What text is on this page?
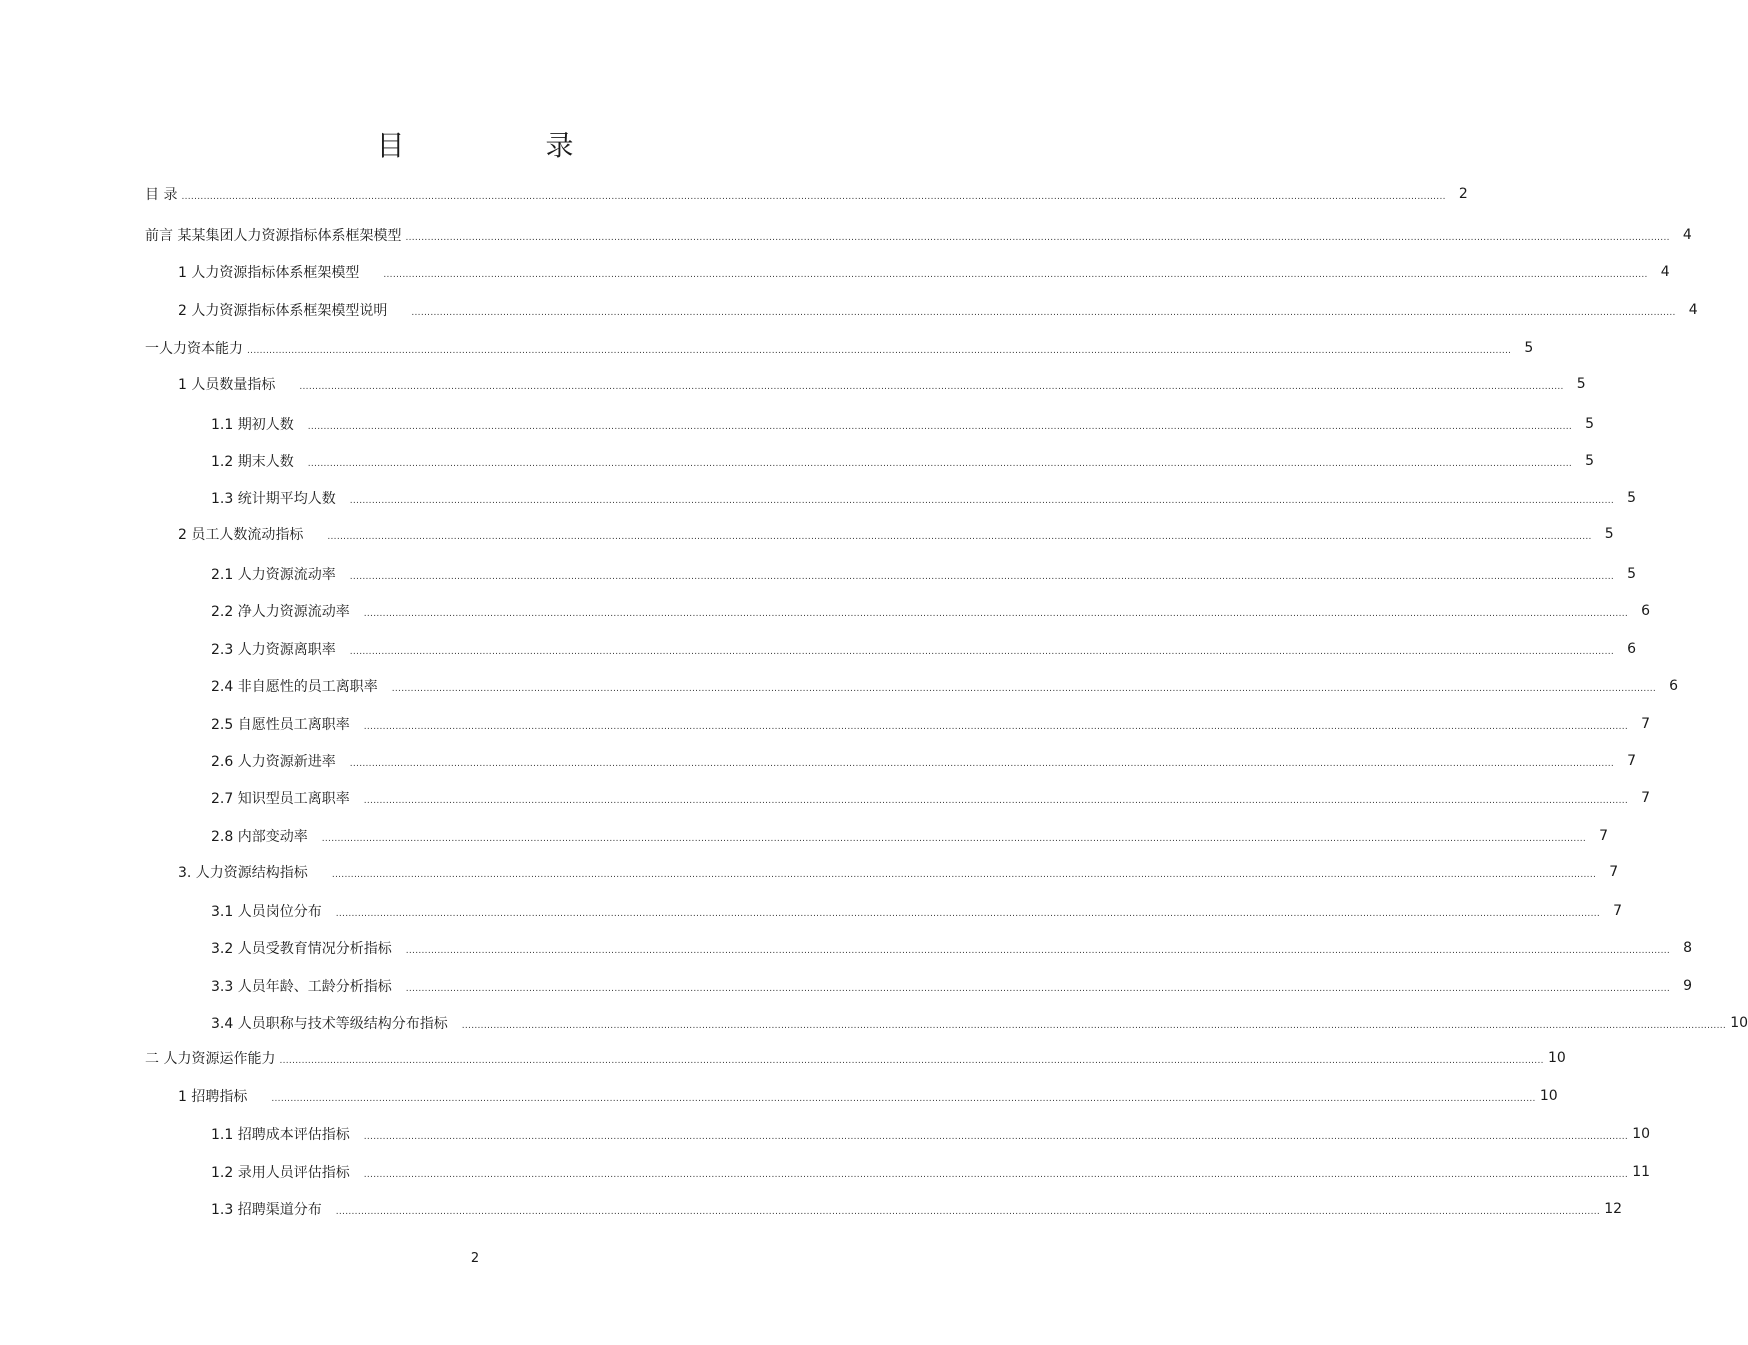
目 录
目 录 ................................................................................................................................................................................................................................................................................................................................................................................................................ 2
前言 某某集团人力资源指标体系框架模型 ................................................................................................................................................................................................................................................................................................................................................................................................................ 4
1 人力资源指标体系框架模型	................................................................................................................................................................................................................................................................................................................................................................................................................ 4
2 人力资源指标体系框架模型说明	................................................................................................................................................................................................................................................................................................................................................................................................................ 4
一人力资本能力 ................................................................................................................................................................................................................................................................................................................................................................................................................ 5
1 人员数量指标	................................................................................................................................................................................................................................................................................................................................................................................................................ 5
1.1 期初人数 ................................................................................................................................................................................................................................................................................................................................................................................................................ 5
1.2 期末人数 ................................................................................................................................................................................................................................................................................................................................................................................................................ 5
1.3 统计期平均人数 ................................................................................................................................................................................................................................................................................................................................................................................................................ 5
2 员工人数流动指标	................................................................................................................................................................................................................................................................................................................................................................................................................ 5
2.1 人力资源流动率 ................................................................................................................................................................................................................................................................................................................................................................................................................ 5
2.2 净人力资源流动率 ................................................................................................................................................................................................................................................................................................................................................................................................................ 6
2.3 人力资源离职率 ................................................................................................................................................................................................................................................................................................................................................................................................................ 6
2.4 非自愿性的员工离职率 ................................................................................................................................................................................................................................................................................................................................................................................................................ 6
2.5 自愿性员工离职率 ................................................................................................................................................................................................................................................................................................................................................................................................................ 7
2.6 人力资源新进率 ................................................................................................................................................................................................................................................................................................................................................................................................................ 7
2.7 知识型员工离职率 ................................................................................................................................................................................................................................................................................................................................................................................................................ 7
2.8 内部变动率 ................................................................................................................................................................................................................................................................................................................................................................................................................ 7
3. 人力资源结构指标	................................................................................................................................................................................................................................................................................................................................................................................................................ 7
3.1 人员岗位分布 ................................................................................................................................................................................................................................................................................................................................................................................................................ 7
3.2 人员受教育情况分析指标 ................................................................................................................................................................................................................................................................................................................................................................................................................ 8
3.3 人员年龄、工龄分析指标 ................................................................................................................................................................................................................................................................................................................................................................................................................ 9
3.4 人员职称与技术等级结构分布指标 ................................................................................................................................................................................................................................................................................................................................................................................................................ 10
二 人力资源运作能力 ................................................................................................................................................................................................................................................................................................................................................................................................................ 10
1 招聘指标	................................................................................................................................................................................................................................................................................................................................................................................................................ 10
1.1 招聘成本评估指标 ................................................................................................................................................................................................................................................................................................................................................................................................................ 10
1.2 录用人员评估指标 ................................................................................................................................................................................................................................................................................................................................................................................................................ 11
1.3 招聘渠道分布 ................................................................................................................................................................................................................................................................................................................................................................................................................ 12
2
